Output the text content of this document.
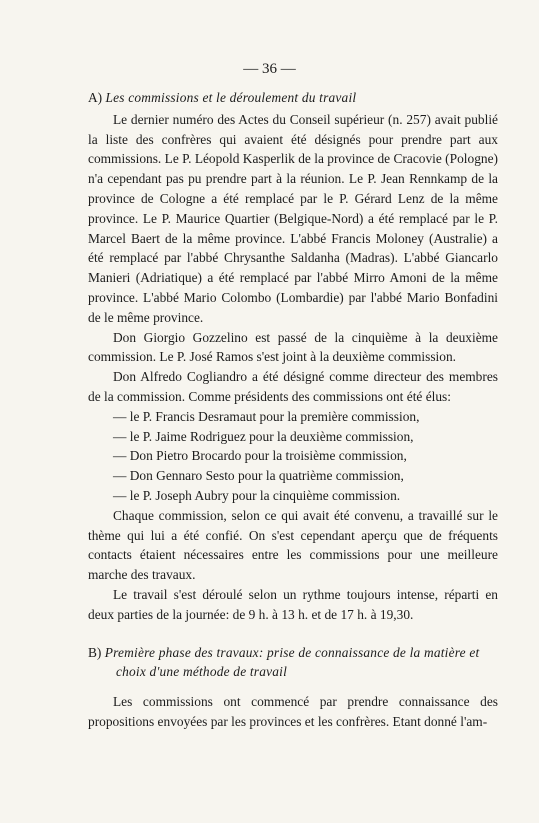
— 36 —

A) Les commissions et le déroulement du travail

Le dernier numéro des Actes du Conseil supérieur (n. 257) avait publié la liste des confrères qui avaient été désignés pour prendre part aux commissions. Le P. Léopold Kasperlik de la province de Cracovie (Pologne) n'a cependant pas pu prendre part à la réunion. Le P. Jean Rennkamp de la province de Cologne a été remplacé par le P. Gérard Lenz de la même province. Le P. Maurice Quartier (Belgique-Nord) a été remplacé par le P. Marcel Baert de la même province. L'abbé Francis Moloney (Australie) a été remplacé par l'abbé Chrysanthe Saldanha (Madras). L'abbé Giancarlo Manieri (Adriatique) a été remplacé par l'abbé Mirro Amoni de la même province. L'abbé Mario Colombo (Lombardie) par l'abbé Mario Bonfadini de le même province.

Don Giorgio Gozzelino est passé de la cinquième à la deuxième commission. Le P. José Ramos s'est joint à la deuxième commission.

Don Alfredo Cogliandro a été désigné comme directeur des membres de la commission. Comme présidents des commissions ont été élus:

— le P. Francis Desramaut pour la première commission,
— le P. Jaime Rodriguez pour la deuxième commission,
— Don Pietro Brocardo pour la troisième commission,
— Don Gennaro Sesto pour la quatrième commission,
— le P. Joseph Aubry pour la cinquième commission.

Chaque commission, selon ce qui avait été convenu, a travaillé sur le thème qui lui a été confié. On s'est cependant aperçu que de fréquents contacts étaient nécessaires entre les commissions pour une meilleure marche des travaux.

Le travail s'est déroulé selon un rythme toujours intense, réparti en deux parties de la journée: de 9 h. à 13 h. et de 17 h. à 19,30.

B) Première phase des travaux: prise de connaissance de la matière et choix d'une méthode de travail

Les commissions ont commencé par prendre connaissance des propositions envoyées par les provinces et les confrères. Etant donné l'am-
